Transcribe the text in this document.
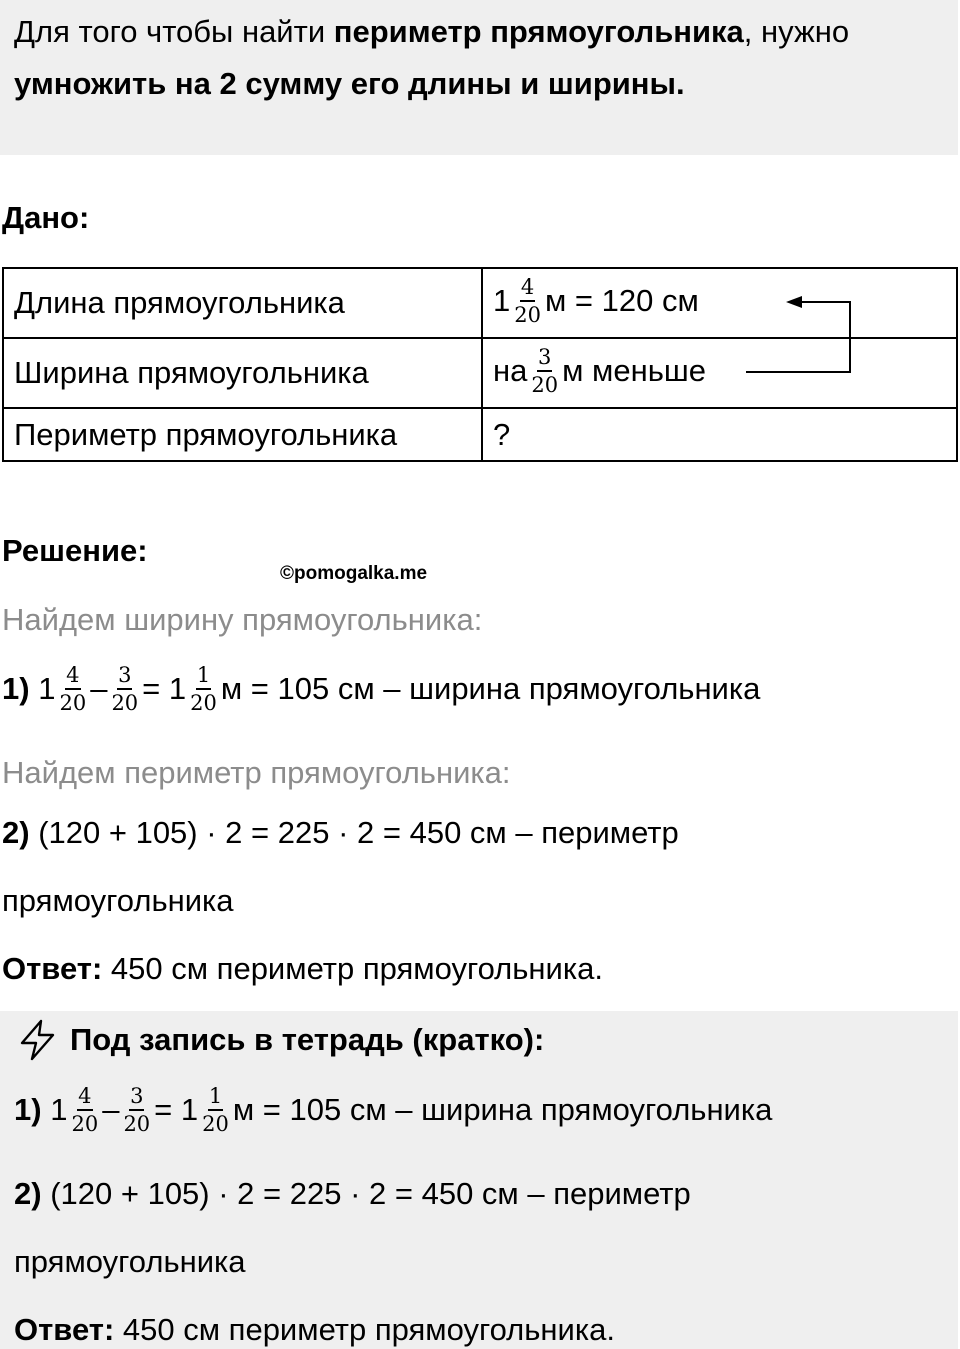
Для того чтобы найти периметр прямоугольника, нужно
умножить на 2 сумму его длины и ширины.
Дано:
Длина прямоугольника	$1 \frac{4}{20}$ м = 120 см
Ширина прямоугольника	на $\frac{3}{20}$ м меньше
Периметр прямоугольника	?
Решение:
©pomogalka.me
Найдем ширину прямоугольника:
1) $1 \frac{4}{20} - \frac{3}{20} = 1 \frac{1}{20}$ м = 105 см – ширина прямоугольника
Найдем периметр прямоугольника:
2) (120 + 105) · 2 = 225 · 2 = 450 см – периметр
прямоугольника
Ответ: 450 см периметр прямоугольника.
Под запись в тетрадь (кратко):
1) $1 \frac{4}{20} - \frac{3}{20} = 1 \frac{1}{20}$ м = 105 см – ширина прямоугольника
2) (120 + 105) · 2 = 225 · 2 = 450 см – периметр
прямоугольника
Ответ: 450 см периметр прямоугольника.
